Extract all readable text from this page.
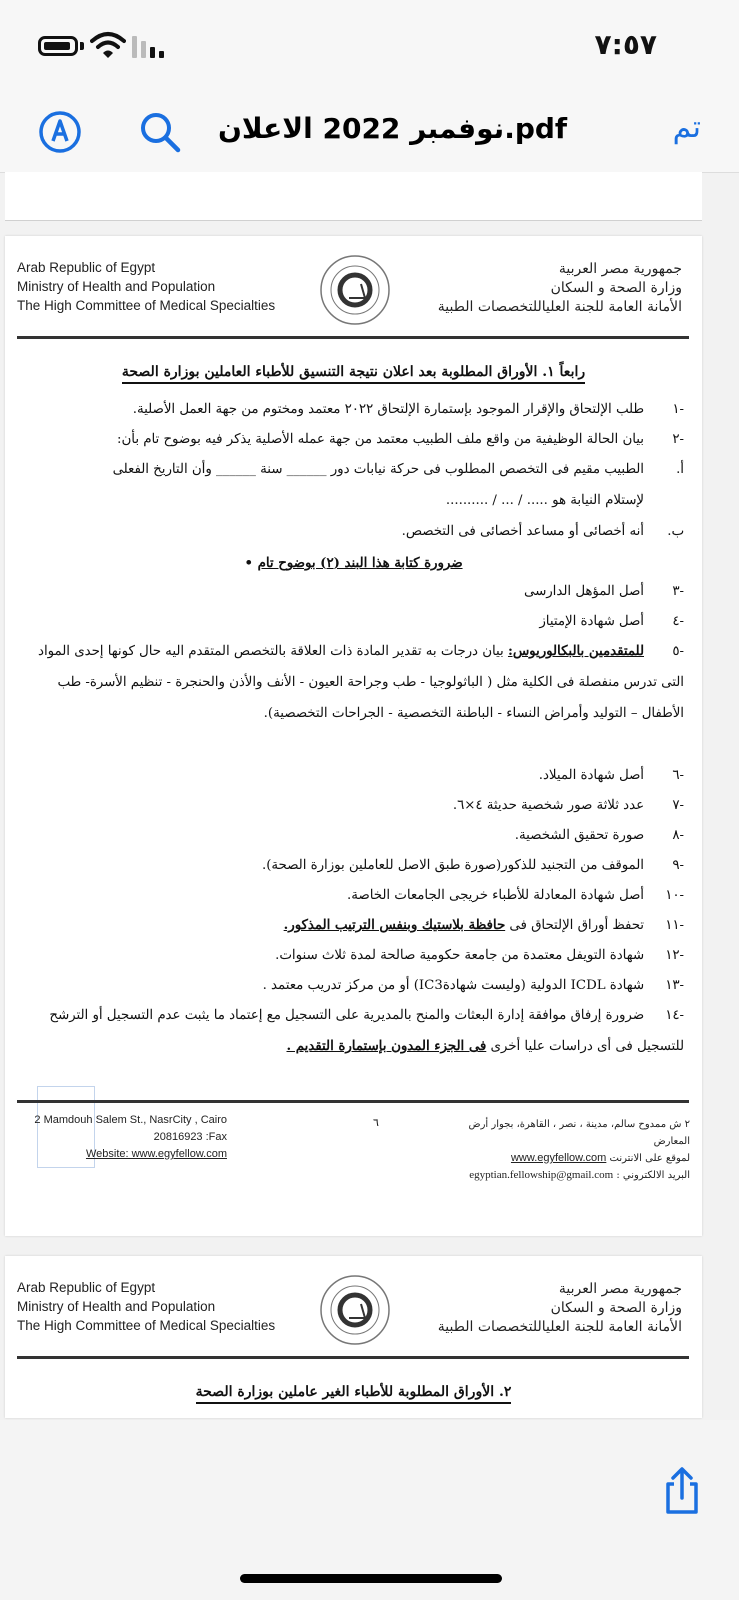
٧:٥٧
نوفمبر 2022 الاعلان.pdf	تم
Arab Republic of Egypt
Ministry of Health and Population
The High Committee of Medical Specialties
جمهورية مصر العربية
وزارة الصحة و السكان
الأمانة العامة للجنة العلياللتخصصات الطبية
رابعاً ١. الأوراق المطلوبة بعد اعلان نتيجة التنسيق للأطباء العاملين بوزارة الصحة
-١طلب الإلتحاق والإقرار الموجود بإستمارة الإلتحاق ٢٠٢٢ معتمد ومختوم من جهة العمل الأصلية.
-٢بيان الحالة الوظيفية من واقع ملف الطبيب معتمد من جهة عمله الأصلية يذكر فيه بوضوح تام بأن:
أ.الطبيب مقيم فى التخصص المطلوب فى حركة نيابات دور ______ سنة ______ وأن التاريخ الفعلى
لإستلام النيابة هو ..... / ... / ..........
ب.أنه أخصائى أو مساعد أخصائى فى التخصص.
ضرورة كتابة هذا البند (٢) بوضوح تام •
-٣أصل المؤهل الدارسى
-٤أصل شهادة الإمتياز
-٥للمتقدمين بالبكالوريوس: بيان درجات به تقدير المادة ذات العلاقة بالتخصص المتقدم اليه حال كونها إحدى المواد التى تدرس منفصلة فى الكلية مثل ( الباثولوجيا - طب وجراحة العيون - الأنف والأذن والحنجرة - تنظيم الأسرة- طب الأطفال – التوليد وأمراض النساء - الباطنة التخصصية - الجراحات التخصصية).
-٦أصل شهادة الميلاد.
-٧عدد ثلاثة صور شخصية حديثة ٤×٦.
-٨صورة تحقيق الشخصية.
-٩الموقف من التجنيد للذكور(صورة طبق الاصل للعاملين بوزارة الصحة).
-١٠أصل شهادة المعادلة للأطباء خريجى الجامعات الخاصة.
-١١تحفظ أوراق الإلتحاق فى حافظة بلاستيك وبنفس الترتيب المذكور.
-١٢شهادة التويفل معتمدة من جامعة حكومية صالحة لمدة ثلاث سنوات.
-١٣شهادة ICDL الدولية (وليست شهادةIC3) أو من مركز تدريب معتمد .
-١٤ضرورة إرفاق موافقة إدارة البعثات والمنح بالمديرية على التسجيل مع إعتماد ما يثبت عدم التسجيل أو الترشح للتسجيل فى أى دراسات عليا أخرى فى الجزء المدون بإستمارة التقديم .
2 Mamdouh Salem St., NasrCity , Cairo
20816923 :Fax
Website: www.egyfellow.com
٦	٢ ش ممدوح سالم، مدينة ، نصر ، القاهرة، بجوار أرض المعارض
لموقع على الانترنت www.egyfellow.com
البريد الالكتروني : egyptian.fellowship@gmail.com
Arab Republic of Egypt
Ministry of Health and Population
The High Committee of Medical Specialties
جمهورية مصر العربية
وزارة الصحة و السكان
الأمانة العامة للجنة العلياللتخصصات الطبية
٢. الأوراق المطلوبة للأطباء الغير عاملين بوزارة الصحة
